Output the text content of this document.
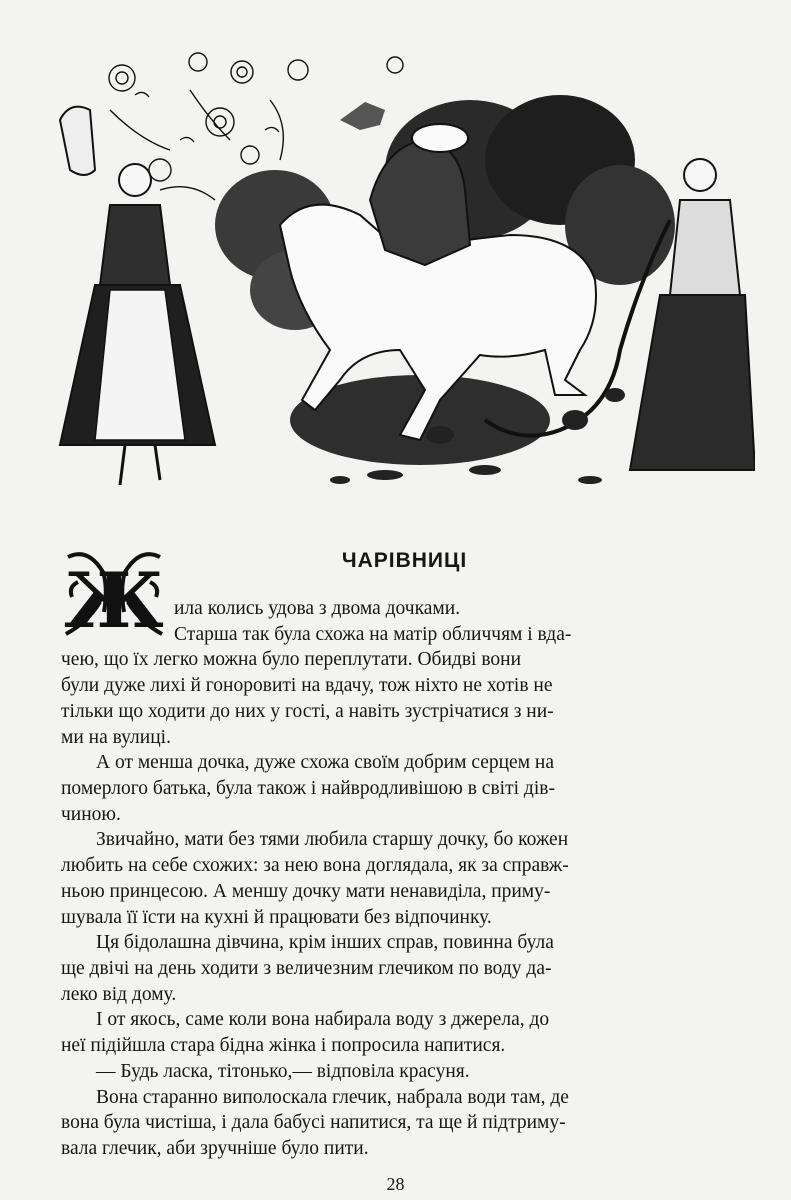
ЧАРІВНИЦІ
Ж ила колись удова з двома дочками.
Старша так була схожа на матір обличчям і вда-
чею, що їх легко можна було переплутати. Обидві вони
були дуже лихі й гоноровиті на вдачу, тож ніхто не хотів не
тільки що ходити до них у гості, а навіть зустрічатися з ни-
ми на вулиці.
А от менша дочка, дуже схожа своїм добрим серцем на
померлого батька, була також і найвродливішою в світі дів-
чиною.
Звичайно, мати без тями любила старшу дочку, бо кожен
любить на себе схожих: за нею вона доглядала, як за справж-
ньою принцесою. А меншу дочку мати ненавиділа, приму-
шувала її їсти на кухні й працювати без відпочинку.
Ця бідолашна дівчина, крім інших справ, повинна була
ще двічі на день ходити з величезним глечиком по воду да-
леко від дому.
І от якось, саме коли вона набирала воду з джерела, до
неї підійшла стара бідна жінка і попросила напитися.
— Будь ласка, тітонько,— відповіла красуня.
Вона старанно виполоскала глечик, набрала води там, де
вона була чистіша, і дала бабусі напитися, та ще й підтриму-
вала глечик, аби зручніше було пити.
28
